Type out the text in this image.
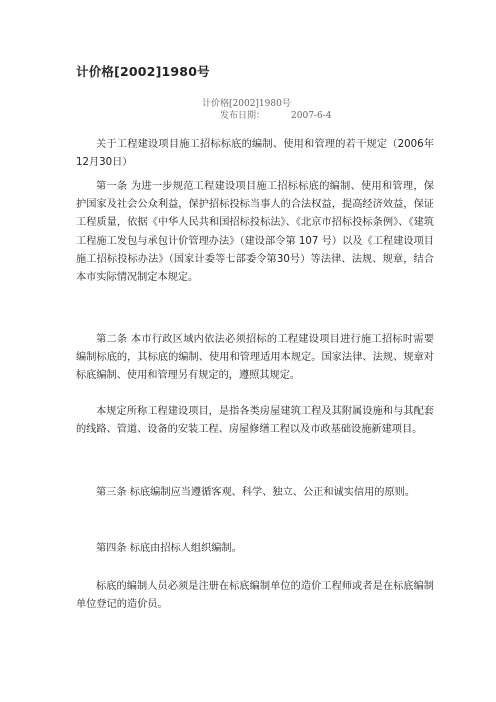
计价格[2002]1980号
计价格[2002]1980号
发布日期：	2007-6-4
关于工程建设项目施工招标标底的编制、使用和管理的若干规定（2006年12月30日）
第一条 为进一步规范工程建设项目施工招标标底的编制、使用和管理，保护国家及社会公众利益，保护招标投标当事人的合法权益，提高经济效益，保证工程质量，依据《中华人民共和国招标投标法》、《北京市招标投标条例》、《建筑工程施工发包与承包计价管理办法》（建设部令第 107 号）以及《工程建设项目施工招标投标办法》（国家计委等七部委令第30号）等法律、法规、规章，结合本市实际情况制定本规定。
第二条 本市行政区域内依法必须招标的工程建设项目进行施工招标时需要编制标底的，其标底的编制、使用和管理适用本规定。国家法律、法规、规章对标底编制、使用和管理另有规定的，遵照其规定。
本规定所称工程建设项目，是指各类房屋建筑工程及其附属设施和与其配套的线路、管道、设备的安装工程、房屋修缮工程以及市政基础设施新建项目。
第三条 标底编制应当遵循客观、科学、独立、公正和诚实信用的原则。
第四条 标底由招标人组织编制。
标底的编制人员必须是注册在标底编制单位的造价工程师或者是在标底编制单位登记的造价员。
